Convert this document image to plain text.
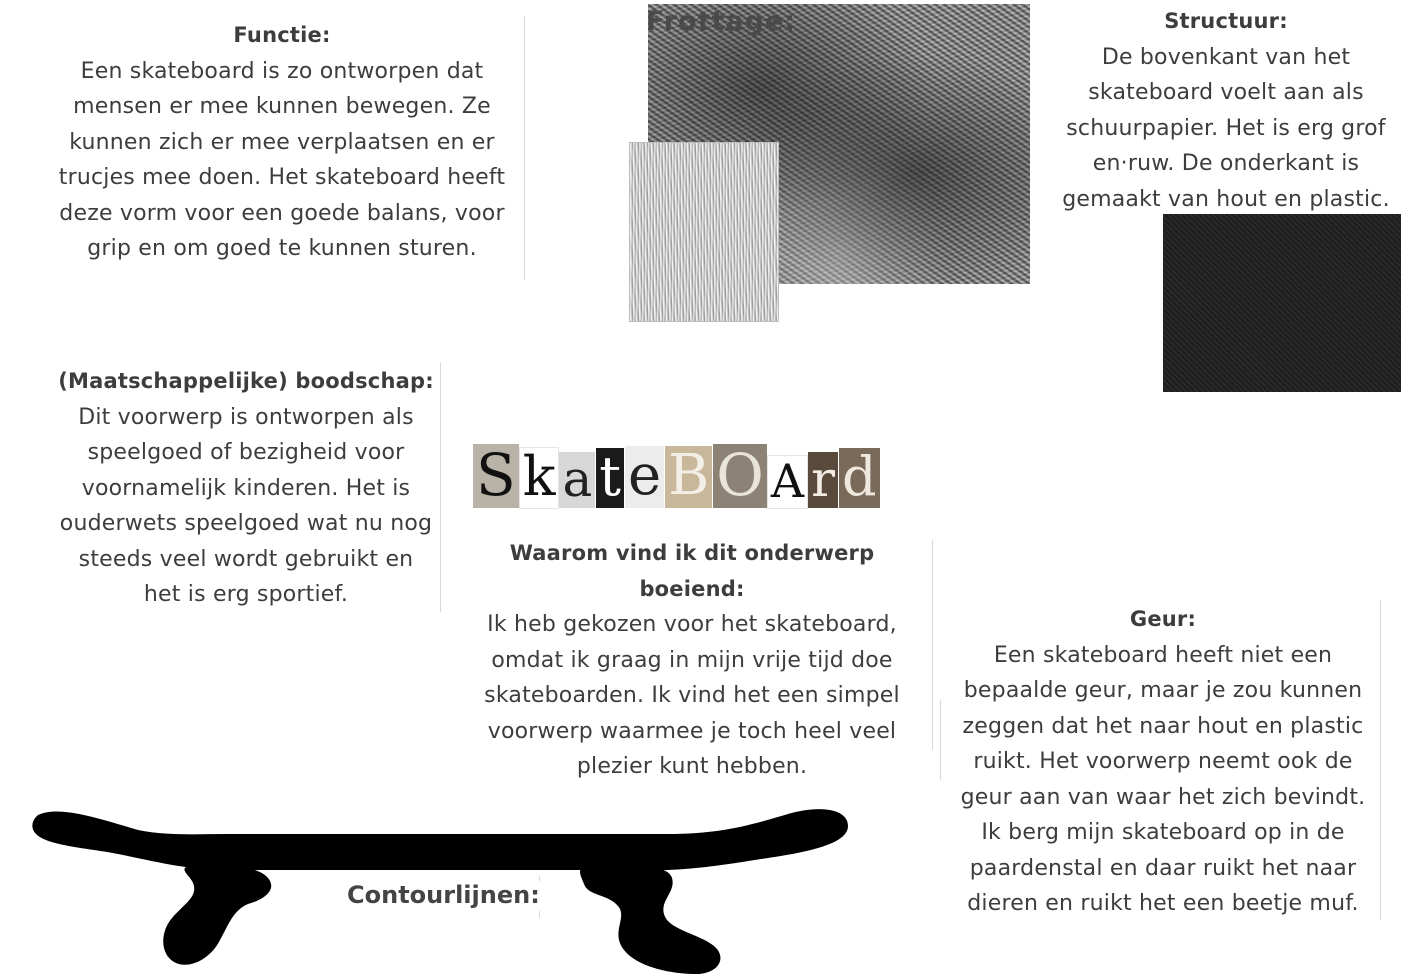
Functie:
Een skateboard is zo ontworpen dat
mensen er mee kunnen bewegen. Ze
kunnen zich er mee verplaatsen en er
trucjes mee doen. Het skateboard heeft
deze vorm voor een goede balans, voor
grip en om goed te kunnen sturen.
Frottage:	Structuur:
De bovenkant van het
skateboard voelt aan als
schuurpapier. Het is erg grof
en·ruw. De onderkant is
gemaakt van hout en plastic.
(Maatschappelijke) boodschap:
Dit voorwerp is ontworpen als
speelgoed of bezigheid voor
voornamelijk kinderen. Het is
ouderwets speelgoed wat nu nog
steeds veel wordt gebruikt en
het is erg sportief.
S k a t e B O A r d
Waarom vind ik dit onderwerp boeiend:
Ik heb gekozen voor het skateboard,
omdat ik graag in mijn vrije tijd doe
skateboarden. Ik vind het een simpel
voorwerp waarmee je toch heel veel
plezier kunt hebben.
Geur:
Een skateboard heeft niet een
bepaalde geur, maar je zou kunnen
zeggen dat het naar hout en plastic
ruikt. Het voorwerp neemt ook de
geur aan van waar het zich bevindt.
Ik berg mijn skateboard op in de
paardenstal en daar ruikt het naar
dieren en ruikt het een beetje muf.
Contourlijnen:
